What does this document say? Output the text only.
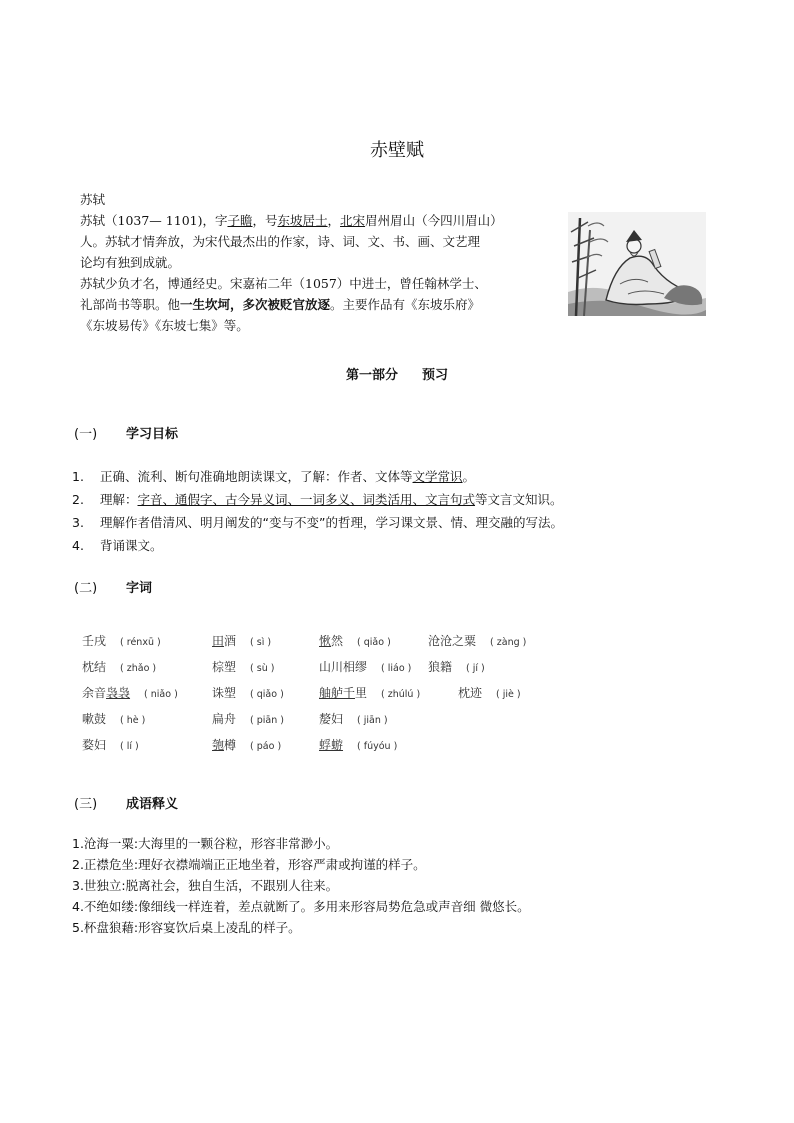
赤壁赋

苏轼

苏轼（1037— 1101)，字子瞻，号东坡居士，北宋眉州眉山（今四川眉山）

人。苏轼才情奔放，为宋代最杰出的作家，诗、词、文、书、画、文艺理

论均有独到成就。

苏轼少负才名，博通经史。宋嘉祐二年（1057）中进士，曾任翰林学士、

礼部尚书等职。他一生坎坷，多次被贬官放逐。主要作品有《东坡乐府》

《东坡易传》《东坡七集》等。

第一部分 预习
(一) 学习目标
1. 正确、流利、断句准确地朗读课文，了解：作者、文体等文学常识。
2. 理解：字音、通假字、古今异义词、一词多义、词类活用、文言句式等文言文知识。
3. 理解作者借清风、明月阐发的“变与不变”的哲理，学习课文景、情、理交融的写法。
4. 背诵课文。
(二) 字词
壬戌 ( rénxū )	田酒 ( sì )	愀然 ( qiǎo )	沧沧之粟 ( zàng )
枕结 ( zhǎo )	棕塑 ( sù )	山川相缪 ( liáo ) 狼籍 ( jí )
余音袅袅 ( niǎo )	诛塑 ( qiǎo )	舳舻千里 ( zhúlú )	枕迹 ( jiè )
嗽鼓 ( hè )	扁舟 ( piān )	嫠妇 ( jiān )
婺妇 ( lí )	匏樽 ( páo )	蜉蝣 ( fúyóu )
(三) 成语释义
1.沧海一粟:大海里的一颗谷粒，形容非常渺小。
2.正襟危坐:理好衣襟端端正正地坐着，形容严肃或拘谨的样子。
3.世独立:脱离社会，独自生活，不跟别人往来。
4.不绝如缕:像细线一样连着，差点就断了。多用来形容局势危急或声音细 微悠长。
5.杯盘狼藉:形容宴饮后桌上凌乱的样子。
